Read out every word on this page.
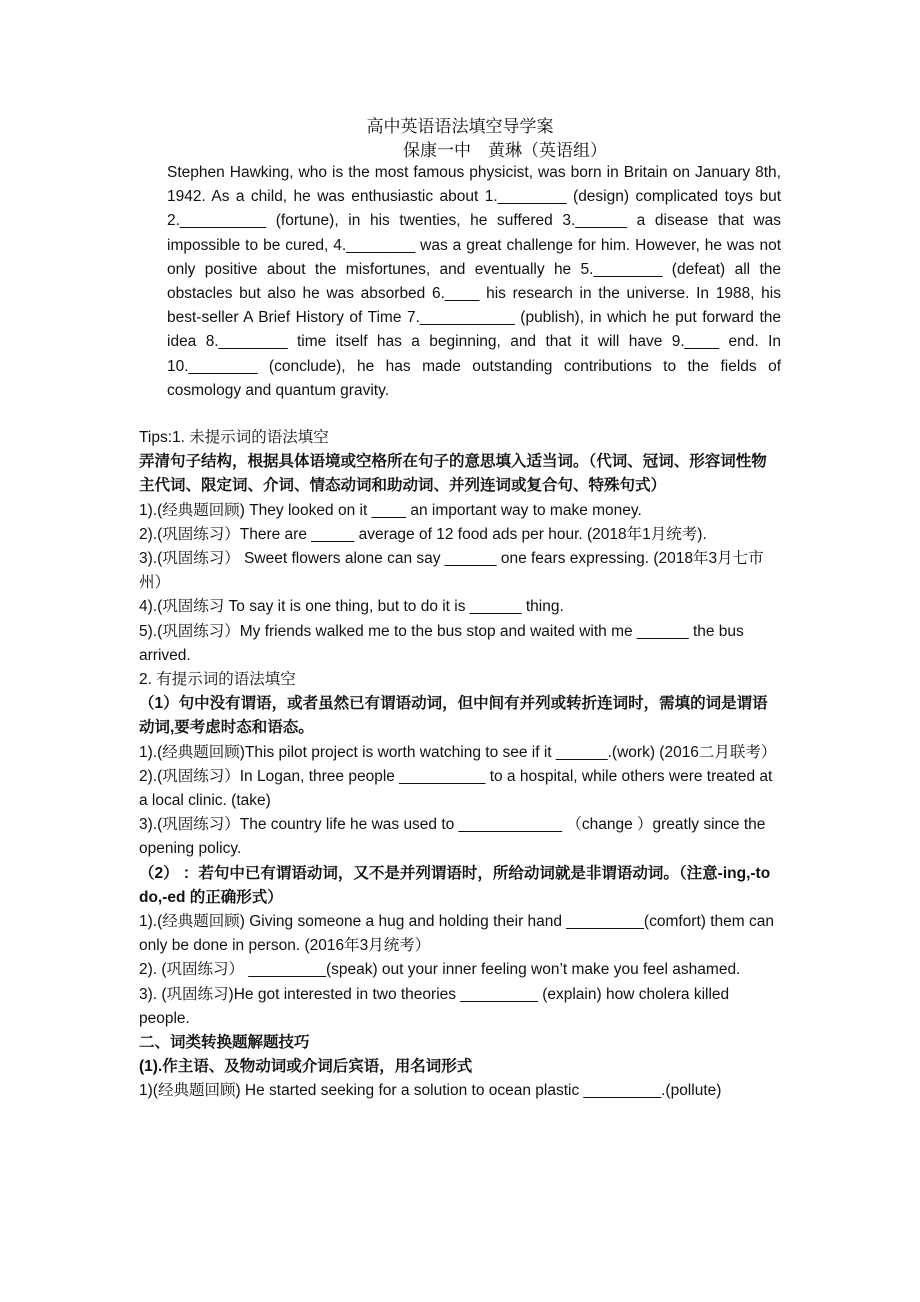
高中英语语法填空导学案
保康一中　黄琳（英语组）
Stephen Hawking, who is the most famous physicist, was born in Britain on January 8th, 1942. As a child, he was enthusiastic about 1.________ (design) complicated toys but 2.__________ (fortune), in his twenties, he suffered 3.______ a disease that was impossible to be cured, 4.________ was a great challenge for him. However, he was not only positive about the misfortunes, and eventually he 5.________ (defeat) all the obstacles but also he was absorbed 6.____ his research in the universe. In 1988, his best-seller A Brief History of Time 7.___________ (publish), in which he put forward the idea 8.________ time itself has a beginning, and that it will have 9.____ end. In 10.________ (conclude), he has made outstanding contributions to the fields of cosmology and quantum gravity.
Tips:1. 未提示词的语法填空
弄清句子结构，根据具体语境或空格所在句子的意思填入适当词。（代词、冠词、形容词性物主代词、限定词、介词、情态动词和助动词、并列连词或复合句、特殊句式）
1).(经典题回顾) They looked on it ____ an important way to make money.
2).(巩固练习）There are _____ average of 12 food ads per hour. (2018年1月统考).
3).(巩固练习） Sweet flowers alone can say ______ one fears expressing. (2018年3月七市州）
4).(巩固练习 To say it is one thing, but to do it is ______ thing.
5).(巩固练习）My friends walked me to the bus stop and waited with me ______ the bus arrived.
2. 有提示词的语法填空
（1）句中没有谓语，或者虽然已有谓语动词，但中间有并列或转折连词时，需填的词是谓语动词,要考虑时态和语态。
1).(经典题回顾)This pilot project is worth watching to see if it ______.(work) (2016二月联考）
2).(巩固练习）In Logan, three people __________ to a hospital, while others were treated at a local clinic. (take)
3).(巩固练习）The country life he was used to ____________ （change ）greatly since the opening policy.
（2） ：若句中已有谓语动词，又不是并列谓语时，所给动词就是非谓语动词。（注意-ing,-to do,-ed 的正确形式）
1).(经典题回顾) Giving someone a hug and holding their hand _________(comfort) them can only be done in person. (2016年3月统考）
2). (巩固练习） _________(speak) out your inner feeling won’t make you feel ashamed.
3). (巩固练习)He got interested in two theories _________ (explain) how cholera killed people.
二、词类转换题解题技巧
(1).作主语、及物动词或介词后宾语，用名词形式
1)(经典题回顾) He started seeking for a solution to ocean plastic _________.(pollute)
